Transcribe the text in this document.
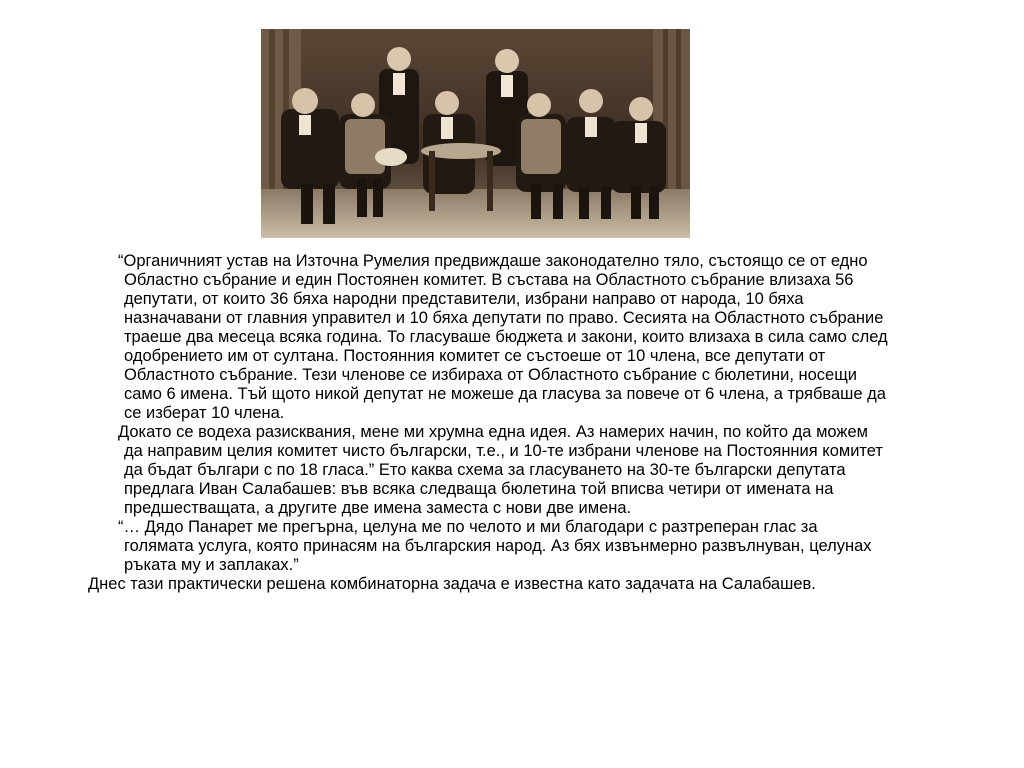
“Органичният устав на Източна Румелия предвиждаше законодателно тяло, състоящо се от едно Областно събрание и един Постоянен комитет. В състава на Областното събрание влизаха 56 депутати, от които 36 бяха народни представители, избрани направо от народа, 10 бяха назначавани от главния управител и 10 бяха депутати по право. Сесията на Областното събрание траеше два месеца всяка година. То гласуваше бюджета и закони, които влизаха в сила само след одобрението им от султана. Постоянния комитет се състоеше от 10 члена, все депутати от Областното събрание. Тези членове се избираха от Областното събрание с бюлетини, носещи само 6 имена. Тъй щото никой депутат не можеше да гласува за повече от 6 члена, а трябваше да се изберат 10 члена.

Докато се водеха разисквания, мене ми хрумна една идея. Аз намерих начин, по който да можем да направим целия комитет чисто български, т.е., и 10-те избрани членове на Постоянния комитет да бъдат българи с по 18 гласа.” Ето каква схема за гласуването на 30-те български депутата предлага Иван Салабашев: във всяка следваща бюлетина той вписва четири от имената на предшестващата, а другите две имена заместа с нови две имена.

“… Дядо Панарет ме прегърна, целуна ме по челото и ми благодари с разтреперан глас за голямата услуга, която принасям на българския народ. Аз бях извънмерно развълнуван, целунах ръката му и заплаках.”

Днес тази практически решена комбинаторна задача е известна като задачата на Салабашев.
